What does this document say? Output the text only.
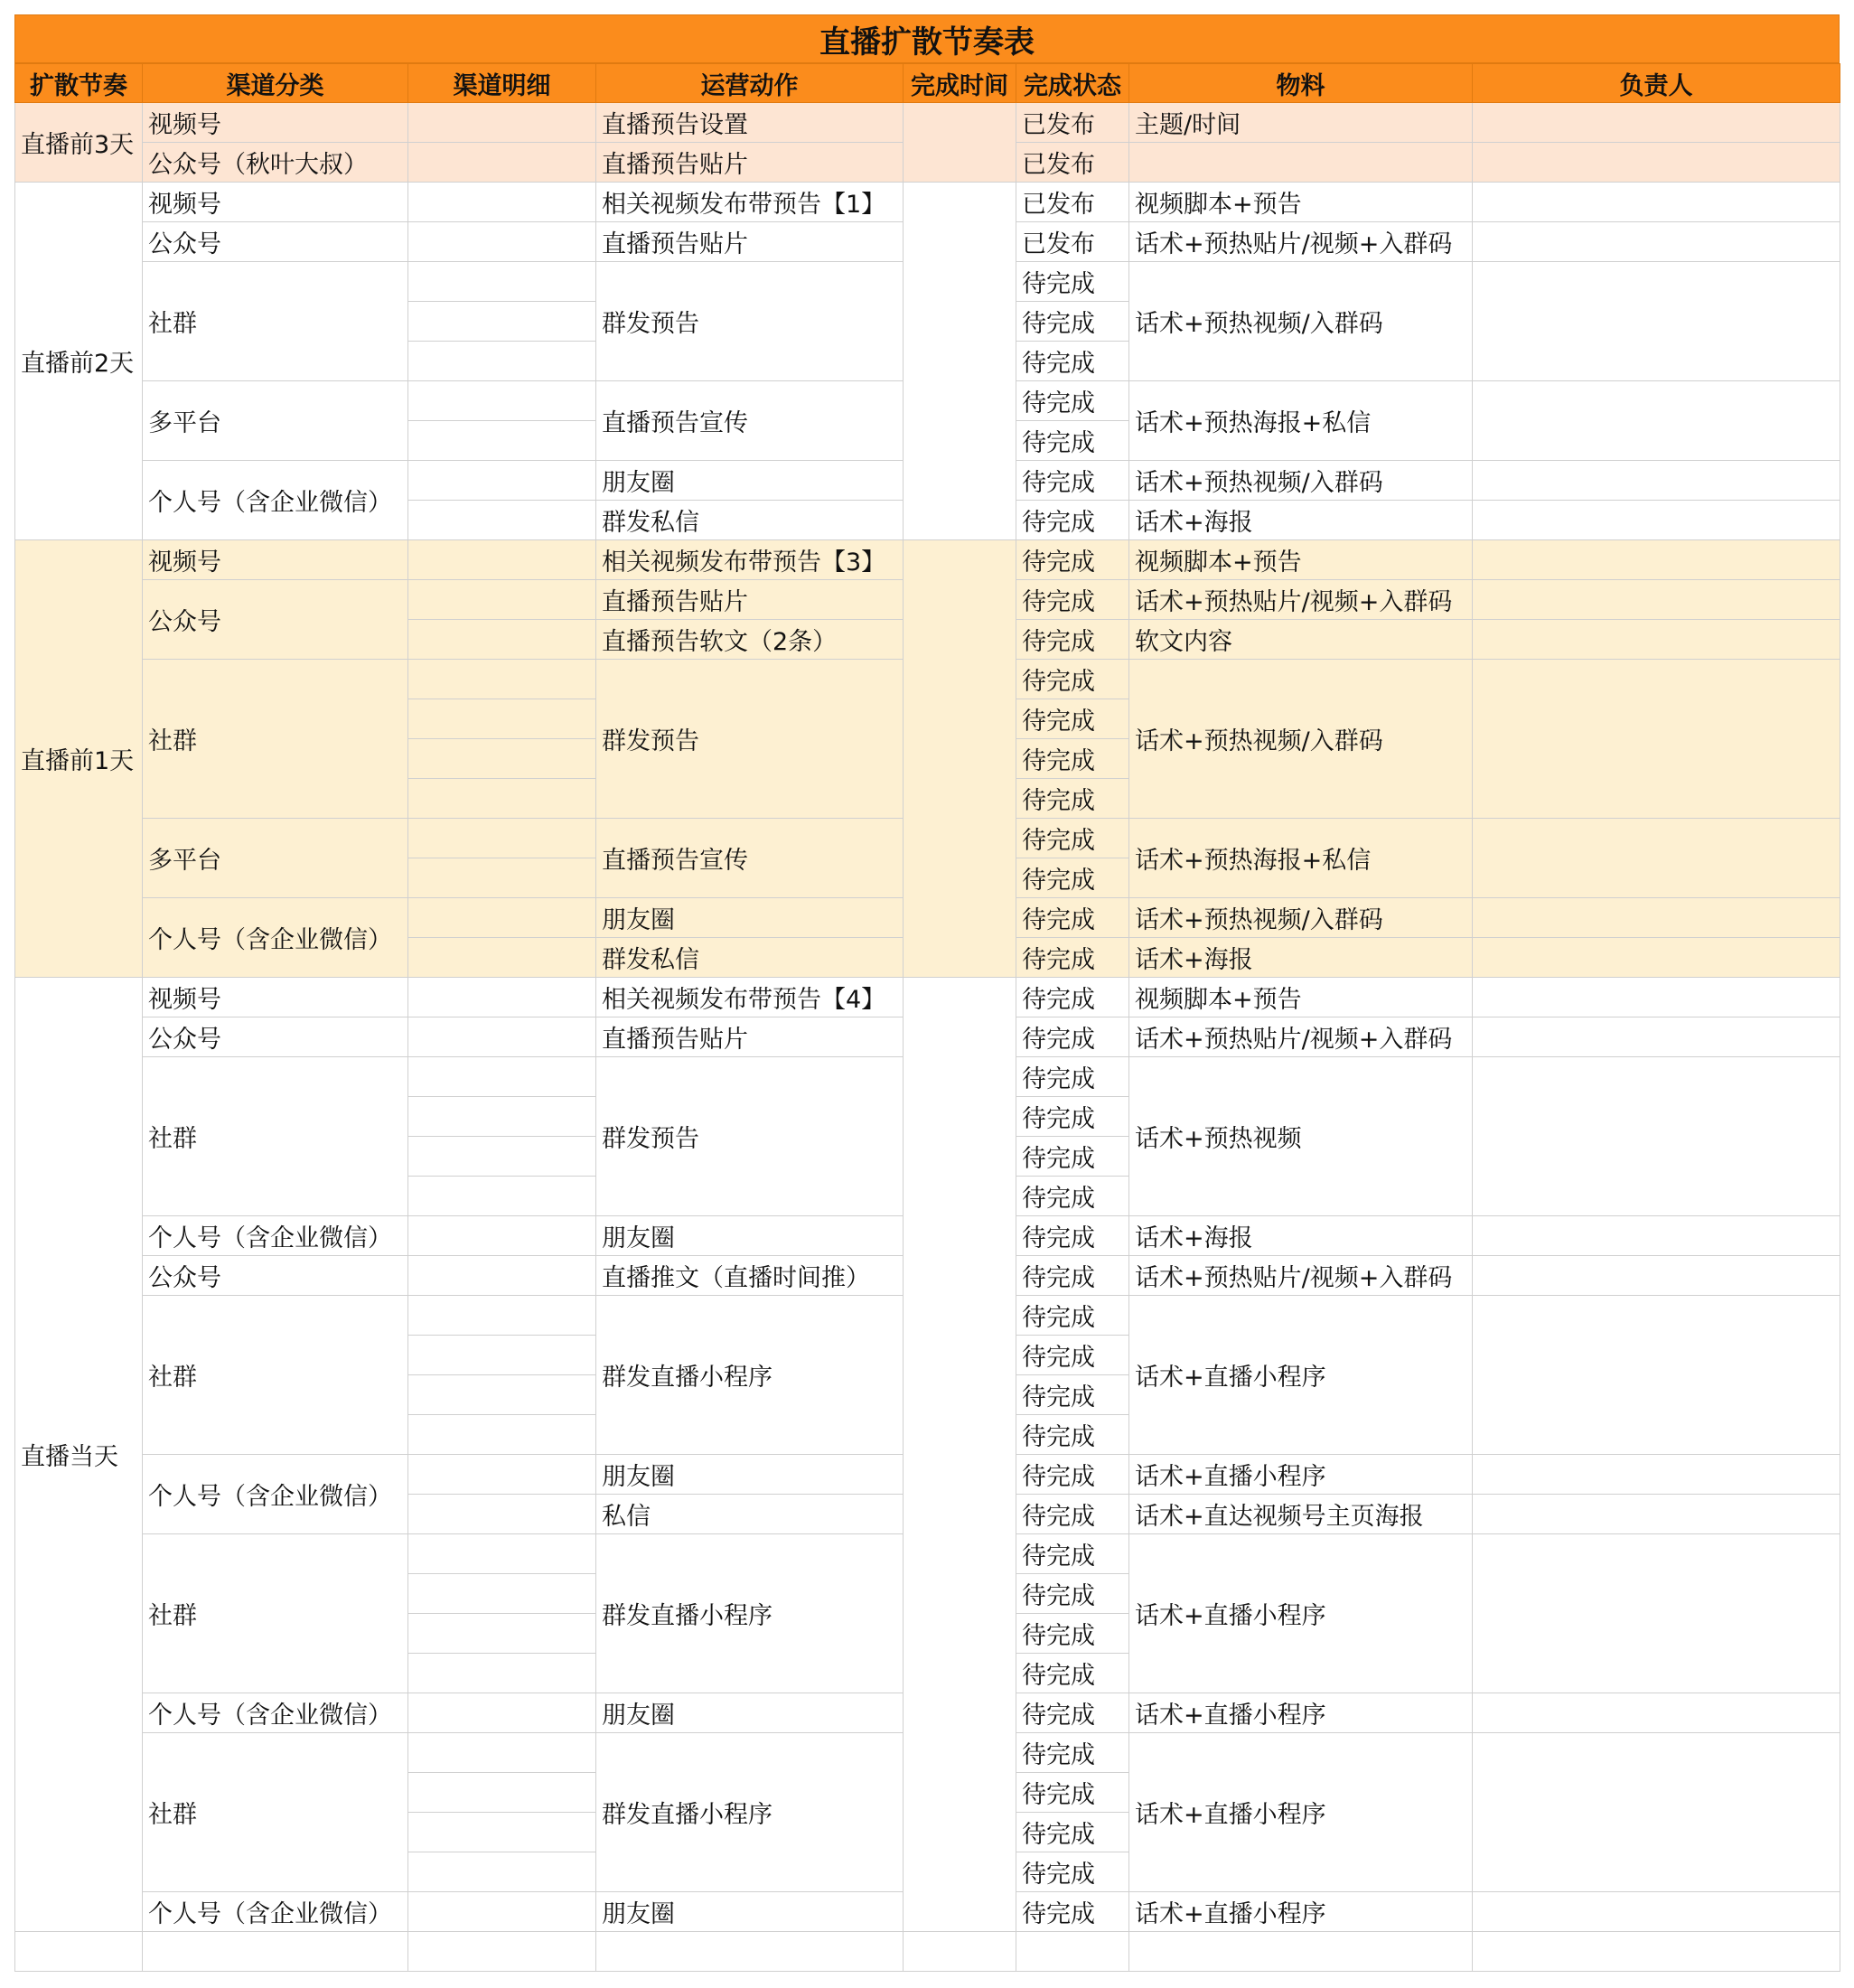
直播扩散节奏表
扩散节奏	渠道分类	渠道明细	运营动作	完成时间	完成状态	物料	负责人
直播前3天	视频号		直播预告设置		已发布	主题/时间	
	公众号（秋叶大叔）		直播预告贴片		已发布		
直播前2天	视频号		相关视频发布带预告【1】		已发布	视频脚本+预告	
	公众号		直播预告贴片		已发布	话术+预热贴片/视频+入群码	
	社群		群发预告		待完成	话术+预热视频/入群码	
					待完成		
					待完成		
	多平台		直播预告宣传		待完成	话术+预热海报+私信	
					待完成		
	个人号（含企业微信）		朋友圈		待完成	话术+预热视频/入群码	
			群发私信		待完成	话术+海报	
直播前1天	视频号		相关视频发布带预告【3】		待完成	视频脚本+预告	
	公众号		直播预告贴片		待完成	话术+预热贴片/视频+入群码	
			直播预告软文（2条）		待完成	软文内容	
	社群		群发预告		待完成	话术+预热视频/入群码	
					待完成		
					待完成		
					待完成		
	多平台		直播预告宣传		待完成	话术+预热海报+私信	
					待完成		
	个人号（含企业微信）		朋友圈		待完成	话术+预热视频/入群码	
			群发私信		待完成	话术+海报	
直播当天	视频号		相关视频发布带预告【4】		待完成	视频脚本+预告	
	公众号		直播预告贴片		待完成	话术+预热贴片/视频+入群码	
	社群		群发预告		待完成	话术+预热视频	
					待完成		
					待完成		
					待完成		
	个人号（含企业微信）		朋友圈		待完成	话术+海报	
	公众号		直播推文（直播时间推）		待完成	话术+预热贴片/视频+入群码	
	社群		群发直播小程序		待完成	话术+直播小程序	
					待完成		
					待完成		
					待完成		
	个人号（含企业微信）		朋友圈		待完成	话术+直播小程序	
			私信		待完成	话术+直达视频号主页海报	
	社群		群发直播小程序		待完成	话术+直播小程序	
					待完成		
					待完成		
					待完成		
	个人号（含企业微信）		朋友圈		待完成	话术+直播小程序	
	社群		群发直播小程序		待完成	话术+直播小程序	
					待完成		
					待完成		
					待完成		
	个人号（含企业微信）		朋友圈		待完成	话术+直播小程序	
